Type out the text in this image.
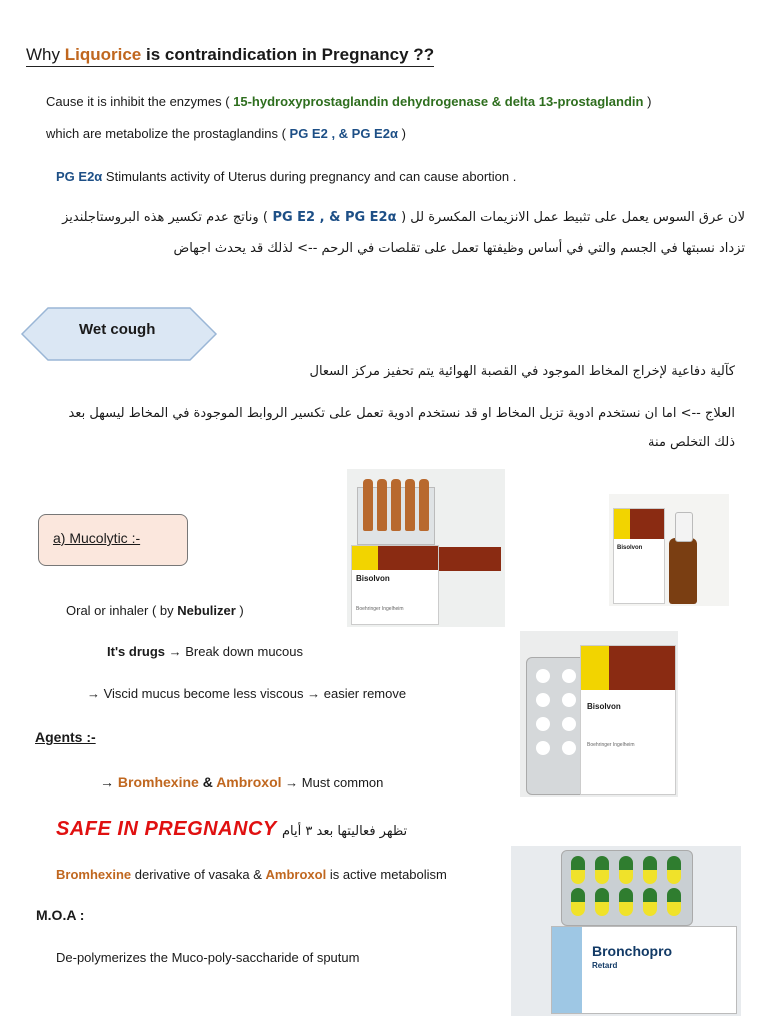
Why Liquorice is contraindication in Pregnancy ??
Cause it is inhibit the enzymes ( 15-hydroxyprostaglandin dehydrogenase & delta 13-prostaglandin )
which are metabolize the prostaglandins ( PG E2 , & PG E2α )
PG E2α Stimulants activity of Uterus during pregnancy and can cause abortion .
لان عرق السوس يعمل على تثبيط عمل الانزيمات المكسرة لل ( PG E2 , & PG E2α ) وناتج عدم تكسير هذه البروستاجلنديز
تزداد نسبتها في الجسم والتي في أساس وظيفتها تعمل على تقلصات في الرحم --> لذلك قد يحدث اجهاض
Wet cough
كآلية دفاعية لإخراج المخاط الموجود في القصبة الهوائية يتم تحفيز مركز السعال
العلاج --> اما ان نستخدم ادوية تزيل المخاط او قد نستخدم ادوية تعمل على تكسير الروابط الموجودة في المخاط ليسهل بعد
ذلك التخلص منة
a) Mucolytic :-
Oral or inhaler ( by Nebulizer )
It's drugs → Break down mucous
→ Viscid mucus become less viscous → easier remove
Agents :-
→ Bromhexine & Ambroxol → Must common
SAFE IN PREGNANCY تظهر فعاليتها بعد ٣ أيام
Bromhexine derivative of vasaka & Ambroxol is active metabolism
M.O.A :
De-polymerizes the Muco-poly-saccharide of sputum
Bisolvon
Boehringer Ingelheim
Bisolvon
Bisolvon
Boehringer Ingelheim
Bronchopro
Retard
